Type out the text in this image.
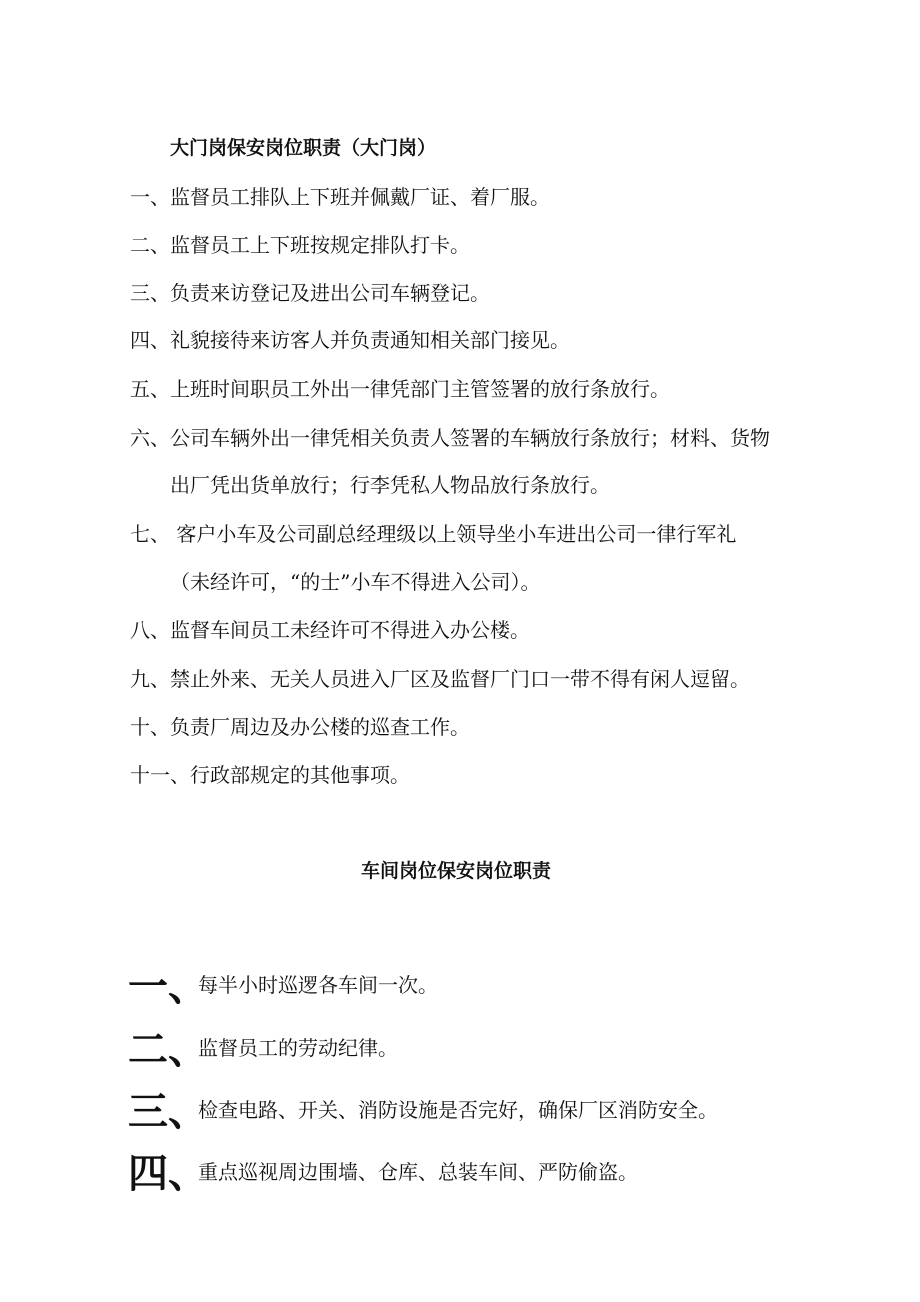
大门岗保安岗位职责（大门岗）
一、监督员工排队上下班并佩戴厂证、着厂服。
二、监督员工上下班按规定排队打卡。
三、负责来访登记及进出公司车辆登记。
四、礼貌接待来访客人并负责通知相关部门接见。
五、上班时间职员工外出一律凭部门主管签署的放行条放行。
六、公司车辆外出一律凭相关负责人签署的车辆放行条放行；材料、货物
出厂凭出货单放行；行李凭私人物品放行条放行。
七、 客户小车及公司副总经理级以上领导坐小车进出公司一律行军礼
（未经许可，“的士”小车不得进入公司）。
八、监督车间员工未经许可不得进入办公楼。
九、禁止外来、无关人员进入厂区及监督厂门口一带不得有闲人逗留。
十、负责厂周边及办公楼的巡查工作。
十一、行政部规定的其他事项。
车间岗位保安岗位职责
一、每半小时巡逻各车间一次。
二、监督员工的劳动纪律。
三、检查电路、开关、消防设施是否完好，确保厂区消防安全。
四、重点巡视周边围墙、仓库、总装车间、严防偷盗。
